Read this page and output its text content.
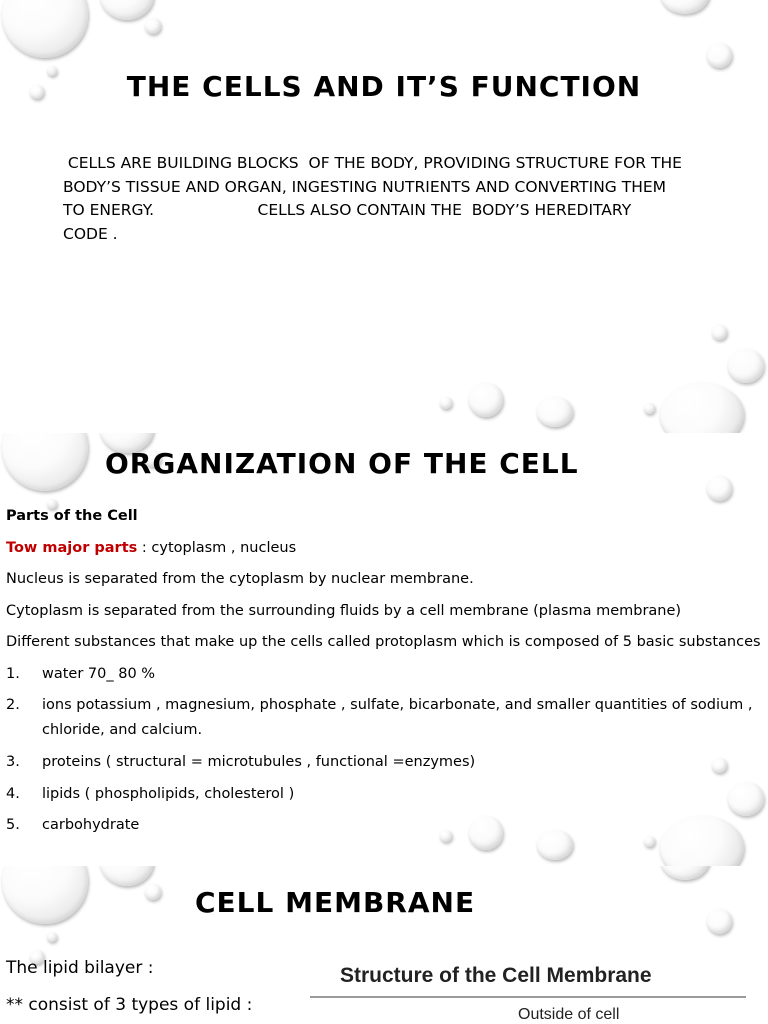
THE CELLS AND IT’S FUNCTION
CELLS ARE BUILDING BLOCKS  OF THE BODY, PROVIDING STRUCTURE FOR THE
BODY’S TISSUE AND ORGAN, INGESTING NUTRIENTS AND CONVERTING THEM
TO ENERGY.                     CELLS ALSO CONTAIN THE  BODY’S HEREDITARY
CODE .
ORGANIZATION OF THE CELL

Parts of the Cell

Tow major parts : cytoplasm , nucleus

Nucleus is separated from the cytoplasm by nuclear membrane.

Cytoplasm is separated from the surrounding fluids by a cell membrane (plasma membrane)

Different substances that make up the cells called protoplasm which is composed of 5 basic substances

1. water 70_ 80 %
2. ions potassium , magnesium, phosphate , sulfate, bicarbonate, and smaller quantities of sodium ,
chloride, and calcium.
3. proteins ( structural = microtubules , functional =enzymes)
4. lipids ( phospholipids, cholesterol )
5. carbohydrate
CELL MEMBRANE
The lipid bilayer :
** consist of 3 types of lipid :
Structure of the Cell Membrane
Outside of cell
